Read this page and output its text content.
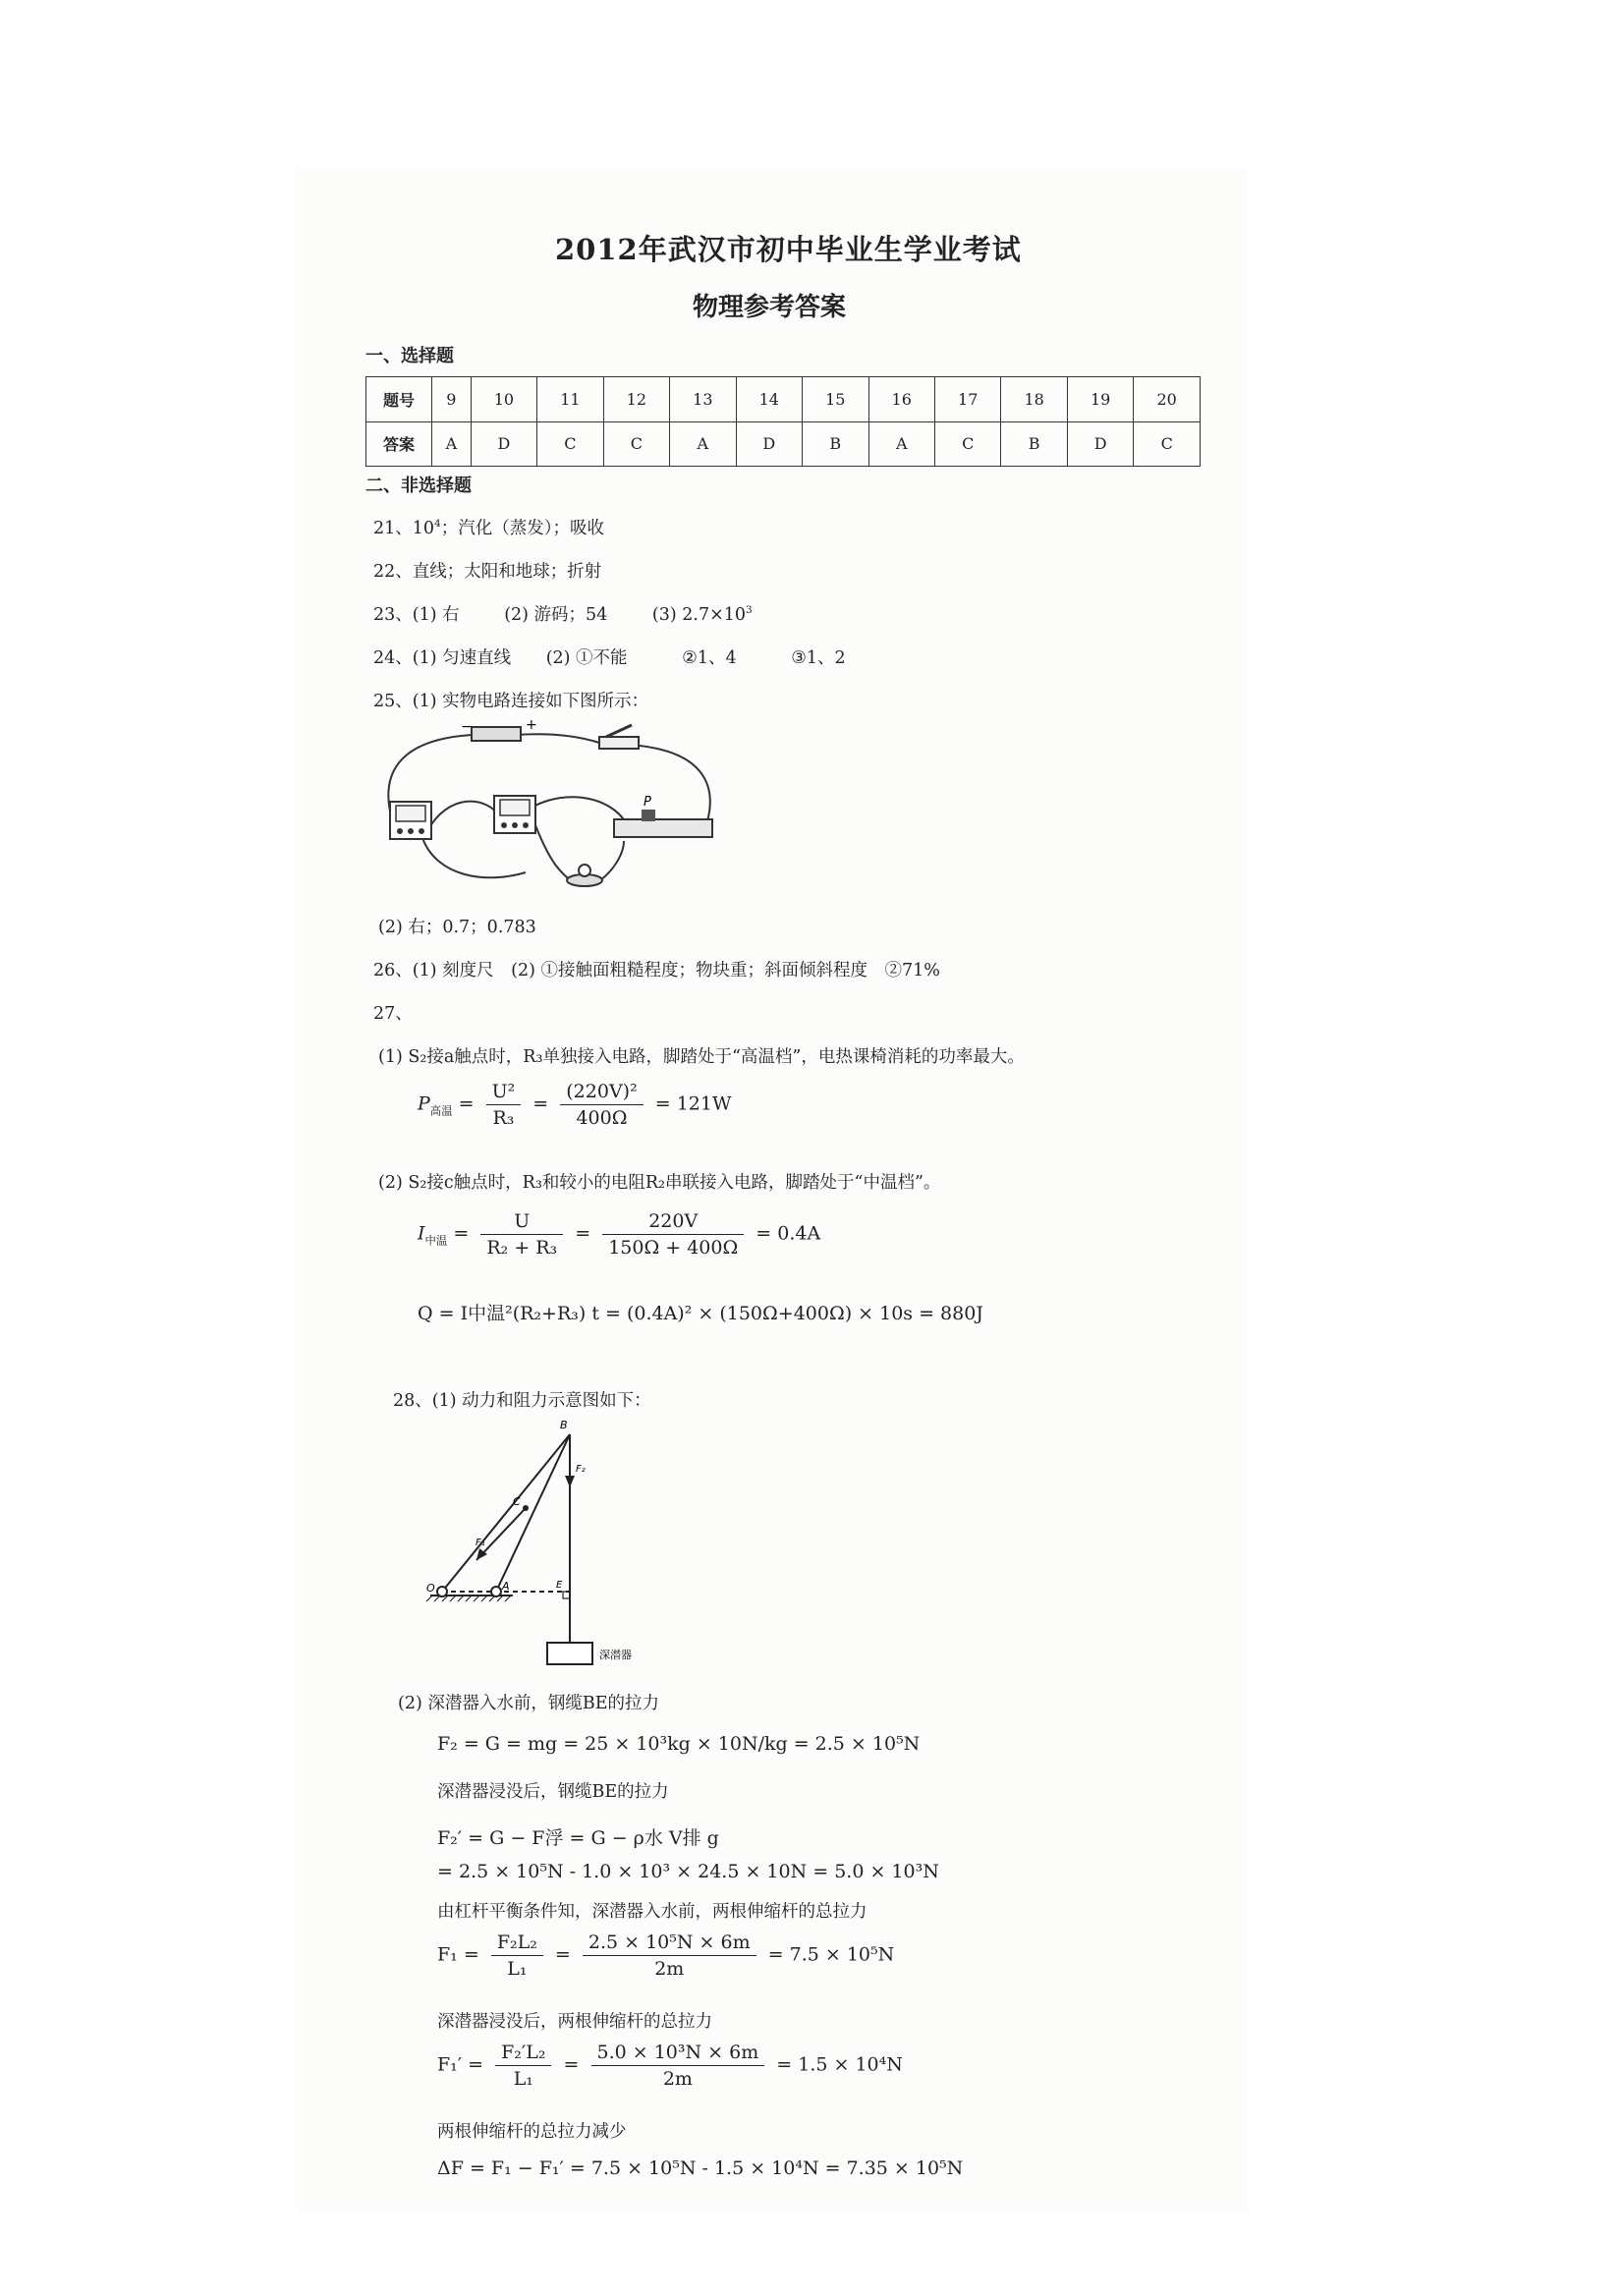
2012年武汉市初中毕业生学业考试
物理参考答案
一、选择题
题号	9	10	11	12	13	14	15	16	17	18	19	20
答案	A	D	C	C	A	D	B	A	C	B	D	C
二、非选择题
21、$10^4$；汽化（蒸发）；吸收
22、直线；太阳和地球；折射
23、(1) 右	(2) 游码；54	(3) $2.7\times 10^3$
24、(1) 匀速直线 (2) ①不能	②1、4	③1、2
25、(1) 实物电路连接如下图所示：
−	+
P
(2) 右；0.7；0.783
26、(1) 刻度尺　(2) ①接触面粗糙程度；物块重；斜面倾斜程度　②71%
27、
(1) S₂接a触点时，R₃单独接入电路，脚踏处于“高温档”，电热课椅消耗的功率最大。
$P_{高温} = \frac{\text{U²}}{\text{R₃}} = \frac{\text{(220V)²}}{400\Omega} = 121W$
(2) S₂接c触点时，R₃和较小的电阻R₂串联接入电路，脚踏处于“中温档”。
$I_{中温} = \frac{U}{\text{R₂ + R₃}} = \frac{220V}{150\Omega + 400\Omega} = 0.4A$
Q = I中温²(R₂+R₃) t = (0.4A)² × (150Ω+400Ω) × 10s = 880J
28、(1) 动力和阻力示意图如下：
B
F₂
C
F₁
O	A	E
深潜器
(2) 深潜器入水前，钢缆BE的拉力
F₂ = G = mg = 25 × 10³kg × 10N/kg = 2.5 × 10⁵N
深潜器浸没后，钢缆BE的拉力
F₂′ = G − F浮 = G − ρ水 V排 g
= 2.5 × 10⁵N - 1.0 × 10³ × 24.5 × 10N = 5.0 × 10³N
由杠杆平衡条件知，深潜器入水前，两根伸缩杆的总拉力
$F_1 = \frac{\text{F₂L₂}}{\text{L₁}} = \frac{\text{2.5 × 10⁵N × 6m}}{2m} = 7.5 \times 10^5N$
深潜器浸没后，两根伸缩杆的总拉力
$F_1' = \frac{\text{F₂′L₂}}{\text{L₁}} = \frac{\text{5.0 × 10³N × 6m}}{2m} = 1.5 \times 10^4N$
两根伸缩杆的总拉力减少
ΔF = F₁ − F₁′ = 7.5 × 10⁵N - 1.5 × 10⁴N = 7.35 × 10⁵N
